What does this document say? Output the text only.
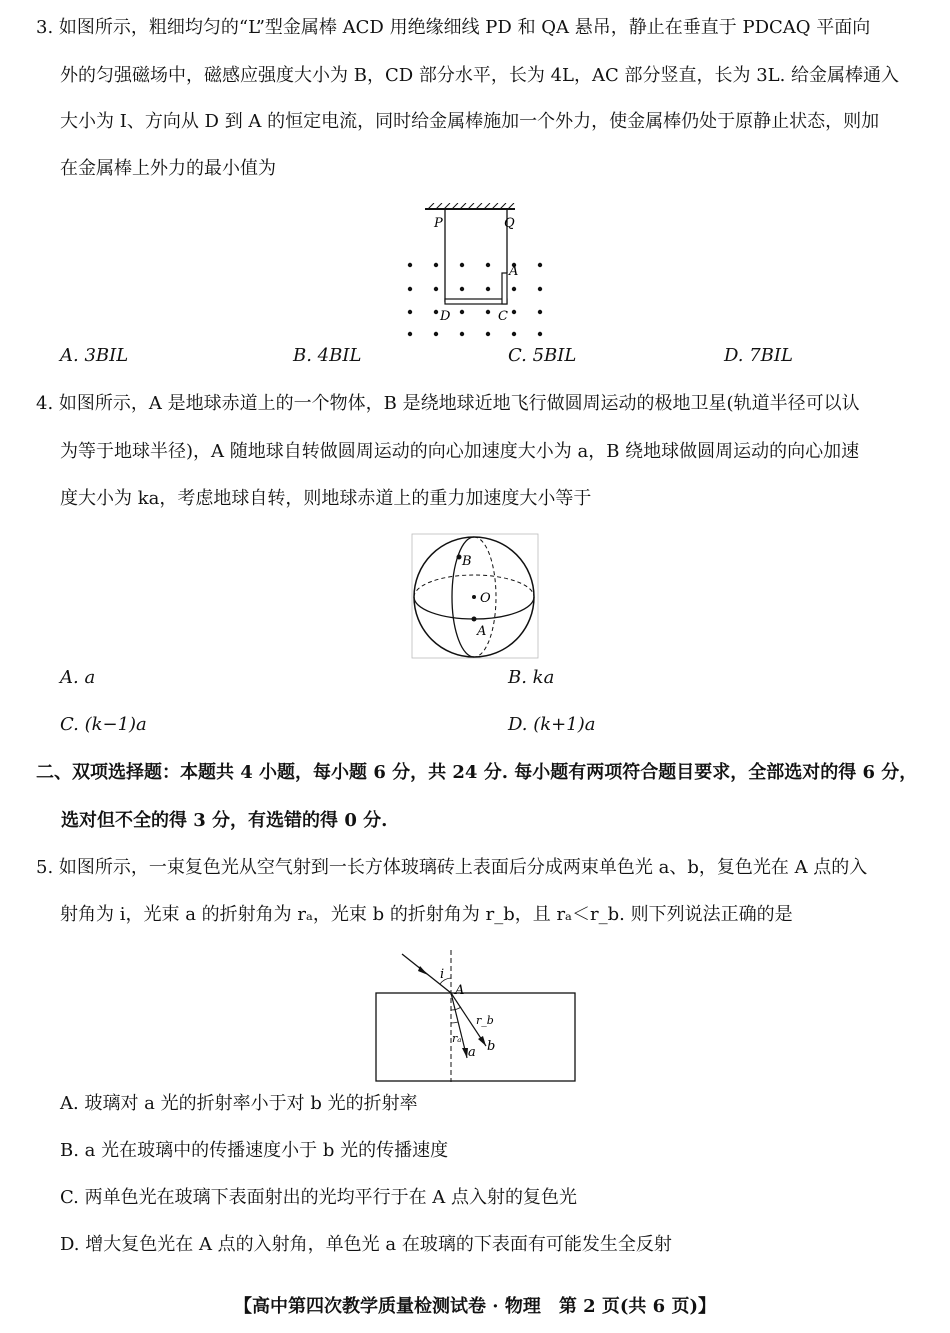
3. 如图所示，粗细均匀的“L”型金属棒 ACD 用绝缘细线 PD 和 QA 悬吊，静止在垂直于 PDCAQ 平面向
外的匀强磁场中，磁感应强度大小为 B，CD 部分水平，长为 4L，AC 部分竖直，长为 3L. 给金属棒通入
大小为 I、方向从 D 到 A 的恒定电流，同时给金属棒施加一个外力，使金属棒仍处于原静止状态，则加
在金属棒上外力的最小值为
P	Q
A
C
D
A. 3BIL	B. 4BIL	C. 5BIL	D. 7BIL
4. 如图所示，A 是地球赤道上的一个物体，B 是绕地球近地飞行做圆周运动的极地卫星(轨道半径可以认
为等于地球半径)，A 随地球自转做圆周运动的向心加速度大小为 a，B 绕地球做圆周运动的向心加速
度大小为 ka，考虑地球自转，则地球赤道上的重力加速度大小等于
B
O
A
A. a	B. ka
C. (k−1)a	D. (k+1)a
二、双项选择题：本题共 4 小题，每小题 6 分，共 24 分. 每小题有两项符合题目要求，全部选对的得 6 分，
选对但不全的得 3 分，有选错的得 0 分.
5. 如图所示，一束复色光从空气射到一长方体玻璃砖上表面后分成两束单色光 a、b，复色光在 A 点的入
射角为 i，光束 a 的折射角为 rₐ，光束 b 的折射角为 r_b，且 rₐ＜r_b. 则下列说法正确的是
i
A
r_b
rₐ
a b
A. 玻璃对 a 光的折射率小于对 b 光的折射率
B. a 光在玻璃中的传播速度小于 b 光的传播速度
C. 两单色光在玻璃下表面射出的光均平行于在 A 点入射的复色光
D. 增大复色光在 A 点的入射角，单色光 a 在玻璃的下表面有可能发生全反射
【高中第四次教学质量检测试卷 · 物理　第 2 页(共 6 页)】
